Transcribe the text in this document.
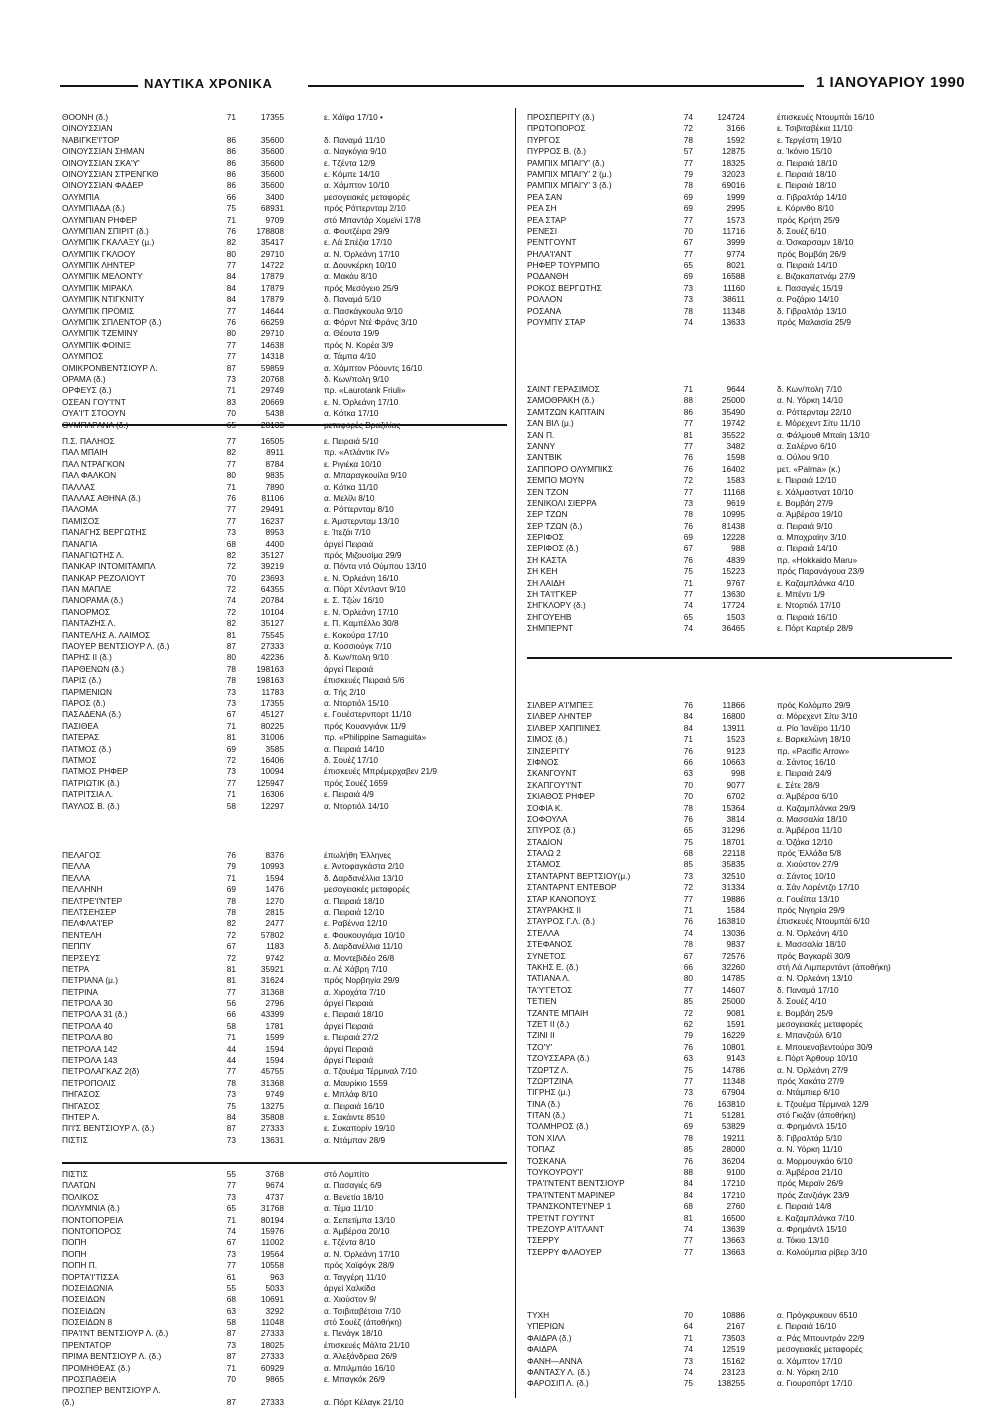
ΝΑΥΤΙΚΑ ΧΡΟΝΙΚΑ	1 ΙΑΝΟΥΑΡΙΟΥ 1990
ΘΟΟΝΗ (δ.)	71	17355	ε. Χάϊφα 17/10 •
ΟΙΝΟΥΣΣΙΑΝ
ΝΑΒΙΓΚΕ'Ι'ΤΟΡ	86	35600	δ. Παναμά 11/10
ΟΙΝΟΥΣΣΙΑΝ ΣΗΜΑΝ	86	35600	α. Ναγκόγια 9/10
ΟΙΝΟΥΣΣΙΑΝ ΣΚΑ'Υ'	86	35600	ε. Τζέντα 12/9
ΟΙΝΟΥΣΣΙΑΝ ΣΤΡΕΝΓΚΘ	86	35600	ε. Κόμπε 14/10
ΟΙΝΟΥΣΣΙΑΝ ΦΑΔΕΡ	86	35600	α. Χάμπτον 10/10
ΟΛΥΜΠΙΑ	66	3400	μεσογειακές μεταφορές
ΟΛΥΜΠΙΑΔΑ (δ.)	75	68931	πρός Ρόττερνταμ 2/10
ΟΛΥΜΠΙΑΝ ΡΗΦΕΡ	71	9709	στό Μπαντάρ Χομεϊνί 17/8
ΟΛΥΜΠΙΑΝ ΣΠΙΡΙΤ (δ.)	76	178808	α. Φουτζέιρα 29/9
ΟΛΥΜΠΙΚ ΓΚΑΛΑΞΥ (μ.)	82	35417	ε. Λά Σπέζια 17/10
ΟΛΥΜΠΙΚ ΓΚΛΟΟΥ	80	29710	α. Ν. Όρλεάνη 17/10
ΟΛΥΜΠΙΚ ΛΗΝΤΕΡ	77	14722	α. Δουνκέρκη 10/10
ΟΛΥΜΠΙΚ ΜΕΛΟΝΤΥ	84	17879	α. Μακάυ 8/10
ΟΛΥΜΠΙΚ ΜΙΡΑΚΛ	84	17879	πρός Μεσόγειο 25/9
ΟΛΥΜΠΙΚ ΝΤΙΓΚΝΙΤΥ	84	17879	δ. Παναμά 5/10
ΟΛΥΜΠΙΚ ΠΡΟΜΙΣ	77	14644	α. Πασκάγκουλα 9/10
ΟΛΥΜΠΙΚ ΣΠΛΕΝΤΟΡ (δ.)	76	66259	α. Φόρντ Ντέ Φράνς 3/10
ΟΛΥΜΠΙΚ ΤΖΕΜΙΝΥ	80	29710	α. Θέουτα 19/9
ΟΛΥΜΠΙΚ ΦΟΙΝΙΞ	77	14638	πρός Ν. Κορέα 3/9
ΟΛΥΜΠΟΣ	77	14318	α. Τάμπα 4/10
ΟΜΙΚΡΟΝΒΕΝΤΣΙΟΥΡ Λ.	87	59859	α. Χάμπτον Ρόουντς 16/10
ΟΡΑΜΑ (δ.)	73	20768	δ. Κων/πολη 9/10
ΟΡΦΕΥΣ (δ.)	71	29749	πρ. «Laurotank Friuli»
ΟΣΕΑΝ ΓΟΥ'Ι'ΝΤ	83	20669	ε. Ν. Όρλεάνη 17/10
ΟΥΑ'Ι'Τ ΣΤΟΟΥΝ	70	5438	α. Κότκα 17/10
ΟΥΜΠΑΡΑΝΑ (δ.)	65	28133	μεταφορές Βραζιλίας
Π.Σ. ΠΑΛΗΟΣ	77	16505	ε. Πειραιά 5/10
ΠΑΛ ΜΠΑΙΗ	82	8911	πρ. «Ατλάντικ IV»
ΠΑΛ ΝΤΡΑΓΚΟΝ	77	8784	ε. Ριγιέκα 10/10
ΠΑΛ ΦΑΛΚΟΝ	80	9835	α. Μπαραγκουίλα 9/10
ΠΑΛΛΑΣ	71	7890	α. Κότκα 11/10
ΠΑΛΛΑΣ ΑΘΗΝΑ (δ.)	76	81106	α. Μελίλι 8/10
ΠΑΛΟΜΑ	77	29491	α. Ρόττερνταμ 8/10
ΠΑΜΙΣΟΣ	77	16237	ε. Άμστερνταμ 13/10
ΠΑΝΑΓΗΣ ΒΕΡΓΩΤΗΣ	73	8953	ε. Ίτεζάι 7/10
ΠΑΝΑΓΙΑ	68	4400	άργεί Πειραιά
ΠΑΝΑΓΙΩΤΗΣ Λ.	82	35127	πρός Μιζουσίμα 29/9
ΠΑΝΚΑΡ ΙΝΤΟΜΙΤΑΜΠΛ	72	39219	α. Πόντα ντό Ούμπου 13/10
ΠΑΝΚΑΡ ΡΕΖΟΛΙΟΥΤ	70	23693	ε. Ν. Όρλεάνη 16/10
ΠΑΝ ΜΑΠΛΕ	72	64355	α. Πόρτ Χέντλαντ 9/10
ΠΑΝΟΡΑΜΑ (δ.)	74	20784	ε. Σ. Τζών 16/10
ΠΑΝΟΡΜΟΣ	72	10104	ε. Ν. Όρλεάνη 17/10
ΠΑΝΤΑΖΗΣ Λ.	82	35127	ε. Π. Καμπέλλο 30/8
ΠΑΝΤΕΛΗΣ Α. ΛΑΙΜΟΣ	81	75545	ε. Κοκούρα 17/10
ΠΑΟΥΕΡ ΒΕΝΤΣΙΟΥΡ Λ. (δ.)	87	27333	α. Κοσσιούγκ 7/10
ΠΑΡΗΣ II (δ.)	80	42236	δ. Κων/πολη 9/10
ΠΑΡΘΕΝΩΝ (δ.)	78	198163	άργεί Πειραιά
ΠΑΡΙΣ (δ.)	78	198163	έπισκευές Πειραιά 5/6
ΠΑΡΜΕΝΙΩΝ	73	11783	α. Τής 2/10
ΠΑΡΟΣ (δ.)	73	17355	α. Ντορτιόλ 15/10
ΠΑΣΑΔΕΝΑ (δ.)	67	45127	ε. Γουέστερνπορτ 11/10
ΠΑΣΙΘΕΑ	71	80225	πρός Κουανγιάνκ 11/9
ΠΑΤΕΡΑΣ	81	31006	πρ. «Philippine Samaguita»
ΠΑΤΜΟΣ (δ.)	69	3585	α. Πειραιά 14/10
ΠΑΤΜΟΣ	72	16406	δ. Σουέζ 17/10
ΠΑΤΜΟΣ ΡΗΦΕΡ	73	10094	έπισκευές Μπρέμερχαβεν 21/9
ΠΑΤΡΙΩΤΙΚ (δ.)	77	125947	πρός Σουέζ 1659
ΠΑΤΡΙΤΣΙΑ Λ.	71	16306	ε. Πειραιά 4/9
ΠΑΥΛΟΣ Β. (δ.)	58	12297	α. Ντορτιόλ 14/10
ΠΕΛΑΓΟΣ	76	8376	έπωλήθη Έλληνες
ΠΕΛΛΑ	79	10993	ε. Άντοφαγκάστα 2/10
ΠΕΛΛΑ	71	1594	δ. Δαρδανέλλια 13/10
ΠΕΛΛΗΝΗ	69	1476	μεσογειακές μεταφορές
ΠΕΛΤΡΕ'Ι'ΝΤΕΡ	78	1270	α. Πειραιά 18/10
ΠΕΛΤΣΕΗΣΕΡ	78	2815	α. Πειραιά 12/10
ΠΕΛΦΛΑ'Ι'ΕΡ	82	2477	ε. Ραβέννα 12/10
ΠΕΝΤΕΛΗ	72	57802	ε. Φουκουγιάμα 10/10
ΠΕΠΠΥ	67	1183	δ. Δαρδανέλλια 11/10
ΠΕΡΣΕΥΣ	72	9742	α. Μοντεβιδέο 26/8
ΠΕΤΡΑ	81	35921	α. Λέ Χάβρη 7/10
ΠΕΤΡΙΑΝΑ (μ.)	81	31624	πρός Νορβηγία 29/9
ΠΕΤΡΙΝΑ	77	31368	α. Χιροχάτα 7/10
ΠΕΤΡΟΛΑ 30	56	2796	άργεί Πειραιά
ΠΕΤΡΟΛΑ 31 (δ.)	66	43399	ε. Πειραιά 18/10
ΠΕΤΡΟΛΑ 40	58	1781	άργεί Πειραιά
ΠΕΤΡΟΛΑ 80	71	1599	ε. Πειραιά 27/2
ΠΕΤΡΟΛΑ 142	44	1594	άργεί Πειραιά
ΠΕΤΡΟΛΑ 143	44	1594	άργεί Πειραιά
ΠΕΤΡΟΛΑΓΚΑΖ 2(δ)	77	45755	α. Τζουέμα Τέρμιναλ 7/10
ΠΕΤΡΟΠΟΛΙΣ	78	31368	α. Μαυρίκιο 1559
ΠΗΓΑΣΟΣ	73	9749	ε. Μπλάφ 8/10
ΠΗΓΑΣΟΣ	75	13275	α. Πειραιά 16/10
ΠΗΤΕΡ Λ.	84	35808	ε. Σακάιντε 8510
ΠΙ'Ι'Σ ΒΕΝΤΣΙΟΥΡ Λ. (δ.)	87	27333	ε. Συκαπορίν 19/10
ΠΙΣΤΙΣ	73	13631	α. Ντάμπαν 28/9
ΠΙΣΤΙΣ	55	3768	στό Λομπίτο
ΠΛΑΤΩΝ	77	9674	α. Πασαγιές 6/9
ΠΟΛΙΚΟΣ	73	4737	α. Βενετία 18/10
ΠΟΛΥΜΝΙΑ (δ.)	65	31768	α. Τέμα 11/10
ΠΟΝΤΟΠΟΡΕΙΑ	71	80194	α. Σεπετίμπα 13/10
ΠΟΝΤΟΠΟΡΟΣ	74	15976	α. Άμβέρσα 20/10
ΠΟΠΗ	67	11002	ε. Τζέντα 8/10
ΠΟΠΗ	73	19564	α. Ν. Όρλεάνη 17/10
ΠΟΠΗ Π.	77	10558	πρός Χαϊφόγκ 28/9
ΠΟΡΤΑ'Ι'ΤΙΣΣΑ	61	963	α. Ταγγέρη 11/10
ΠΟΣΕΙΔΩΝΙΑ	55	5033	άργεί Χαλκίδα
ΠΟΣΕΙΔΩΝ	68	10691	α. Χιούστον 9/
ΠΟΣΕΙΔΩΝ	63	3292	α. Τσιβιταβέτσια 7/10
ΠΟΣΕΙΔΩΝ 8	58	11048	στό Σουέζ (άποθήκη)
ΠΡΑ'Ι'ΝΤ ΒΕΝΤΣΙΟΥΡ Λ. (δ.)	87	27333	ε. Πενάγκ 18/10
ΠΡΕΝΤΑΤΟΡ	73	18025	έπισκευές Μάλτα 21/10
ΠΡΙΜΑ ΒΕΝΤΣΙΟΥΡ Λ. (δ.)	87	27333	α. Άλεξάνδρεια 26/9
ΠΡΟΜΗΘΕΑΣ (δ.)	71	60929	α. Μπιλμπάο 16/10
ΠΡΟΣΠΑΘΕΙΑ	70	9865	ε. Μπαγκόκ 26/9
ΠΡΟΣΠΕΡ ΒΕΝΤΣΙΟΥΡ Λ.
(δ.)	87	27333	α. Πόρτ Κέλαγκ 21/10
ΠΡΟΣΠΕΡΙΤΥ (δ.)	74	124724	έπισκευές Ντουμπάι 16/10
ΠΡΩΤΟΠΟΡΟΣ	72	3166	ε. Τσιβιταβέκια 11/10
ΠΥΡΓΟΣ	78	1592	ε. Τεργέστη 19/10
ΠΥΡΡΟΣ Β. (δ.)	57	12875	α. Ίκόνιο 15/10
ΡΑΜΠΙΧ ΜΠΑΙ'Υ' (δ.)	77	18325	α. Πειραιά 18/10
ΡΑΜΠΙΧ ΜΠΑΙ'Υ' 2 (μ.)	79	32023	ε. Πειραιά 18/10
ΡΑΜΠΙΧ ΜΠΑΙ'Υ' 3 (δ.)	78	69016	ε. Πειραιά 18/10
ΡΕΑ ΣΑΝ	69	1999	α. Γιβραλτάρ 14/10
ΡΕΑ ΣΗ	69	2995	ε. Κόρινθο 8/10
ΡΕΑ ΣΤΑΡ	77	1573	πρός Κρήτη 25/9
ΡΕΝΕΣΙ	70	11716	δ. Σουέζ 6/10
ΡΕΝΤΓΟΥΝΤ	67	3999	α. Όσκαρσαμν 18/10
ΡΗΛΑ'Ι'ΑΝΤ	77	9774	πρός Βομβάη 26/9
ΡΗΦΕΡ ΤΟΥΡΜΠΟ	65	8021	α. Πειραιά 14/10
ΡΟΔΑΝΘΗ	69	16588	ε. Βιζακαπατνάμ 27/9
ΡΟΚΟΣ ΒΕΡΓΩΤΗΣ	73	11160	ε. Πασαγιές 15/19
ΡΟΛΛΟΝ	73	38611	α. Ροζάριο 14/10
ΡΟΣΑΝΑ	78	11348	δ. Γιβραλτάρ 13/10
ΡΟΥΜΠΥ ΣΤΑΡ	74	13633	πρός Μαλαισία 25/9
ΣΑΙΝΤ ΓΕΡΑΣΙΜΟΣ	71	9644	δ. Κων/πολη 7/10
ΣΑΜΟΘΡΑΚΗ (δ.)	88	25000	α. Ν. Υόρκη 14/10
ΣΑΜΤΖΩΝ ΚΑΠΤΑΙΝ	86	35490	α. Ρόττερνταμ 22/10
ΣΑΝ ΒΙΛ (μ.)	77	19742	ε. Μόρεχεντ Σίτυ 11/10
ΣΑΝ Π.	81	35522	α. Φάλμουθ Μπαϊη 13/10
ΣΑΝΝΥ	77	3482	α. Σαλέρνο 6/10
ΣΑΝΤΒΙΚ	76	1598	α. Ούλου 9/10
ΣΑΠΠΟΡΟ ΟΛΥΜΠΙΚΣ	76	16402	μετ. «Palma» (κ.)
ΣΕΜΠΟ ΜΟΥΝ	72	1583	ε. Πειραιά 12/10
ΣΕΝ ΤΖΟΝ	77	11168	ε. Χάλμαστνατ 10/10
ΣΕΝΙΚΟΛΙ ΣΙΕΡΡΑ	73	9619	ε. Βομβάη 27/9
ΣΕΡ ΤΖΩΝ	78	10995	α. Άμβέρσα 19/10
ΣΕΡ ΤΖΩΝ (δ.)	76	81438	α. Πειραιά 9/10
ΣΕΡΙΦΟΣ	69	12228	α. Μποχραϊην 3/10
ΣΕΡΙΦΟΣ (δ.)	67	988	α. Πειραιά 14/10
ΣΗ ΚΑΣΤΑ	76	4839	πρ. «Hokkaido Maru»
ΣΗ ΚΕΗ	75	15223	πρός Παρανάγουα 23/9
ΣΗ ΛΑΙΔΗ	71	9767	ε. Καζαμπλάνκα 4/10
ΣΗ ΤΑ'Ι'ΓΚΕΡ	77	13630	ε. Μπέντι 1/9
ΣΗΓΚΛΟΡΥ (δ.)	74	17724	ε. Ντορτιόλ 17/10
ΣΗΓΟΥΕΗΒ	65	1503	α. Πειραιά 16/10
ΣΗΜΠΕΡΝΤ	74	36465	ε. Πόρτ Καρτιέρ 28/9
ΣΙΛΒΕΡ Α'Ι'ΜΠΕΞ	76	11866	πρός Κολόμπο 29/9
ΣΙΛΒΕΡ ΛΗΝΤΕΡ	84	16800	α. Μόρεχεντ Σίτυ 3/10
ΣΙΛΒΕΡ ΧΑΠΠΙΝΕΣ	84	13911	α. Ρίο Ίανέϊρο 11/10
ΣΙΜΟΣ (δ.)	71	1523	ε. Βαρκελώνη 18/10
ΣΙΝΣΕΡΙΤΥ	76	9123	πρ. «Pacific Arrow»
ΣΙΦΝΟΣ	66	10663	α. Σάντος 16/10
ΣΚΑΝΓΟΥΝΤ	63	998	ε. Πειραιά 24/9
ΣΚΑΠΓΟΥ'Ι'ΝΤ	70	9077	ε. Σέτε 28/9
ΣΚΙΑΘΟΣ ΡΗΦΕΡ	70	6702	α. Άμβέρσα 6/10
ΣΟΦΙΑ Κ.	78	15364	α. Καζαμπλάνκα 29/9
ΣΟΦΟΥΛΑ	76	3814	α. Μασσαλία 18/10
ΣΠΥΡΟΣ (δ.)	65	31296	α. Άμβέρσα 11/10
ΣΤΑΔΙΟΝ	75	18701	α. Όζάκα 12/10
ΣΤΑΛΩ 2	68	22118	πρός Έλλάδα 5/8
ΣΤΑΜΟΣ	85	35835	α. Χιούστον 27/9
ΣΤΑΝΤΑΡΝΤ ΒΕΡΤΣΙΟΥ(μ.)	73	32510	α. Σάντος 10/10
ΣΤΑΝΤΑΡΝΤ ΕΝΤΕΒΟΡ	72	31334	α. Σάν Λορέντζο 17/10
ΣΤΑΡ ΚΑΝΟΠΟΥΣ	77	19886	α. Γουέϊπα 13/10
ΣΤΑΥΡΑΚΗΣ II	71	1584	πρός Νιγηρία 29/9
ΣΤΑΥΡΟΣ Γ.Λ. (δ.)	76	163810	έπισκευές Ντουμπάϊ 6/10
ΣΤΕΛΛΑ	74	13036	α. Ν. Όρλεάνη 4/10
ΣΤΕΦΑΝΟΣ	78	9837	ε. Μασσαλία 18/10
ΣΥΝΕΤΟΣ	67	72576	πρός Βαγκαρέϊ 30/9
ΤΑΚΗΣ Ε. (δ.)	66	32260	στή Λά Λιμπερντάντ (άποθήκη)
ΤΑΤΙΑΝΑ Λ.	80	14785	α. Ν. Όρλεάνη 13/10
ΤΑ'Υ'ΓΕΤΟΣ	77	14607	δ. Παναμά 17/10
ΤΕΤΙΕΝ	85	25000	δ. Σουέζ 4/10
ΤΖΑΝΤΕ ΜΠΑΙΗ	72	9081	ε. Βομβάη 25/9
ΤΖΕΤ II (δ.)	62	1591	μεσογειακές μεταφορές
ΤΖΙΝΙ II	79	16229	ε. Μπανζούλ 6/10
ΤΖΟ'Υ'	76	10801	ε. Μπουεναβεντούρα 30/9
ΤΖΟΥΣΣΑΡΑ (δ.)	63	9143	ε. Πόρτ Άρθουρ 10/10
ΤΖΩΡΤΖ Λ.	75	14786	α. Ν. Όρλεάνη 27/9
ΤΖΩΡΤΖΙΝΑ	77	11348	πρός Χακάτα 27/9
ΤΙΓΡΗΣ (μ.)	73	67904	α. Ντάμπιερ 6/10
ΤΙΝΑ (δ.)	76	163810	ε. Τζουέμα Τέρμιναλ 12/9
ΤΙΤΑΝ (δ.)	71	51281	στό Γκιζάν (άποθήκη)
ΤΟΛΜΗΡΟΣ (δ.)	69	53829	α. Φρημάντλ 15/10
ΤΟΝ ΧΙΛΛ	78	19211	δ. Γιβραλτάρ 5/10
ΤΟΠΑΖ	85	28000	α. Ν. Υόρκη 11/10
ΤΟΣΚΑΝΑ	76	36204	α. Μορμουγκάο 6/10
ΤΟΥΚΟΥΡΟΥ'Ι'	88	9100	α. Άμβέρσα 21/10
ΤΡΑ'Ι'ΝΤΕΝΤ ΒΕΝΤΣΙΟΥΡ	84	17210	πρός Μεραϊν 26/9
ΤΡΑ'Ι'ΝΤΕΝΤ ΜΑΡΙΝΕΡ	84	17210	πρός Ζανζιάγκ 23/9
ΤΡΑΝΣΚΟΝΤΕ'Ι'ΝΕΡ 1	68	2760	ε. Πειραιά 14/8
ΤΡΕ'Ι'ΝΤ ΓΟΥ'Ι'ΝΤ	81	16500	ε. Καζαμπλάνκα 7/10
ΤΡΕΖΟΥΡ Α'Ι'ΓΛΑΝΤ	74	13639	α. Φρημάντλ 15/10
ΤΣΕΡΡΥ	77	13663	α. Τόκιο 13/10
ΤΣΕΡΡΥ ΦΛΑΟΥΕΡ	77	13663	α. Κολούμπια ρίβερ 3/10
ΤΥΧΗ	70	10886	α. Πρόγκρυκουν 6510
ΥΠΕΡΙΩΝ	64	2167	ε. Πειραιά 16/10
ΦΑΙΔΡΑ (δ.)	71	73503	α. Ράς Μπουντράν 22/9
ΦΑΙΔΡΑ	74	12519	μεσογειακές μεταφορές
ΦΑΝΗ—ΑΝΝΑ	73	15162	α. Χάμπτον 17/10
ΦΑΝΤΑΣΥ Λ. (δ.)	74	23123	α. Ν. Υόρκη 2/10
ΦΑΡΟΣΙΠ Λ. (δ.)	75	138255	α. Γιουροπόρτ 17/10
